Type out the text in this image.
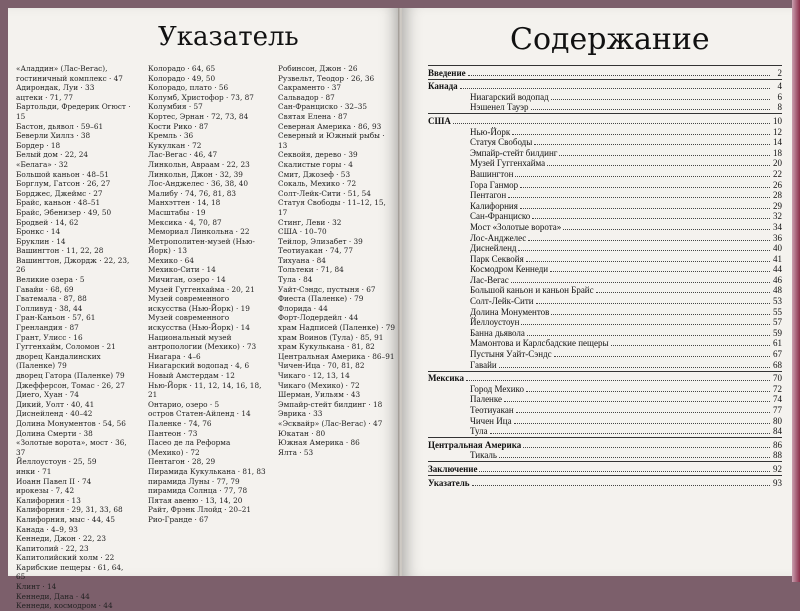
Указатель
«Аладдин» (Лас-Вегас), гостиничный комплекс · 47
Адирондак, Луи · 33
ацтеки · 71, 77
Бартольди, Фредерик Огюст · 15
Бастон, дьявол · 59–61
Беверли Хиллз · 38
Бордер · 18
Белый дом · 22, 24
«Белага» · 32
Большой каньон · 48–51
Борглум, Гатсон · 26, 27
Борджес, Джеймс · 27
Брайс, каньон · 48–51
Брайс, Эбенизер · 49, 50
Бродвей · 14, 62
Бронкс · 14
Бруклин · 14
Вашингтон · 11, 22, 28
Вашингтон, Джордж · 22, 23, 26
Великие озера · 5
Гавайи · 68, 69
Гватемала · 87, 88
Голливуд · 38, 44
Гран-Каньон · 57, 61
Гренландия · 87
Грант, Улисс · 16
Гуггенхайм, Соломон · 21
дворец Кандалинских (Паленке) 79
дворец Гатора (Паленке) 79
Джефферсон, Томас · 26, 27
Диего, Хуан · 74
Дикий, Уолт · 40, 41
Диснейленд · 40–42
Долина Монументов · 54, 56
Долина Смерти · 38
«Золотые ворота», мост · 36, 37
Йеллоустоун · 25, 59
инки · 71
Иоанн Павел II · 74
ирокезы · 7, 42
Калифорния · 13
Калифорния · 29, 31, 33, 68
Калифорния, мыс · 44, 45
Канада · 4–9, 93
Кеннеди, Джон · 22, 23
Капитолий · 22, 23
Капитолийский холм · 22
Карибские пещеры · 61, 64, 65
Клинт · 14
Кеннеди, Дана · 44
Кеннеди, космодром · 44
Колорадо · 64, 65
Колорадо · 49, 50
Колорадо, плато · 56
Колумб, Христофор · 73, 87
Колумбия · 57
Кортес, Эрнан · 72, 73, 84
Кости Рико · 87
Кремль · 36
Кукулкан · 72
Лас-Вегас · 46, 47
Линкольн, Авраам · 22, 23
Линкольн, Джон · 32, 39
Лос-Анджелес · 36, 38, 40
Малибу · 74, 76, 81, 83
Манхэттен · 14, 18
Масштабы · 19
Мексика · 4, 70, 87
Мемориал Линкольна · 22
Метрополитен-музей (Нью-Йорк) · 13
Мехико · 64
Мехико-Сити · 14
Мичиган, озеро · 14
Музей Гуггенхайма · 20, 21
Музей современного искусства (Нью-Йорк) · 19
Музей современного искусства (Нью-Йорк) · 14
Национальный музей антропологии (Мехико) · 73
Ниагара · 4–6
Ниагарский водопад · 4, 6
Новый Амстердам · 12
Нью-Йорк · 11, 12, 14, 16, 18, 21
Онтарио, озеро · 5
остров Статен-Айленд · 14
Паленке · 74, 76
Пантеон · 73
Пасео де ла Реформа (Мехико) · 72
Пентагон · 28, 29
Пирамида Кукулькана · 81, 83
пирамида Луны · 77, 79
пирамида Солнца · 77, 78
Пятая авеню · 13, 14, 20
Райт, Фрэнк Ллойд · 20–21
Рио-Гранде · 67
Робинсон, Джон · 26
Рузвельт, Теодор · 26, 36
Сакраменто · 37
Сальвадор · 87
Сан-Франциско · 32–35
Святая Елена · 87
Северная Америка · 86, 93
Северный и Южный рыбы · 13
Секвойя, дерево · 39
Скалистые горы · 4
Смит, Джозеф · 53
Сокаль, Мехико · 72
Солт-Лейк-Сити · 51, 54
Статуя Свободы · 11–12, 15, 17
Стинг, Леви · 32
США · 10–70
Тейлор, Элизабет · 39
Теотиуакан · 74, 77
Тихуана · 84
Тольтеки · 71, 84
Тула · 84
Уайт-Сэндс, пустыня · 67
Фиеста (Паленке) · 79
Флорида · 44
Форт-Лодердейл · 44
храм Надписей (Паленке) · 79
храм Воинов (Тула) · 85, 91
храм Кукулькана · 81, 82
Центральная Америка · 86–91
Чичен-Ица · 70, 81, 82
Чикаго · 12, 13, 14
Чикаго (Мехико) · 72
Шерман, Уильям · 43
Эмпайр-стейт билдинг · 18
Эврика · 33
«Эсквайр» (Лас-Вегас) · 47
Юкатан · 80
Южная Америка · 86
Ялта · 53
Содержание
Введение	2
Канада	4
Ниагарский водопад	6
Нэшенел Тауэр	8
США	10
Нью-Йорк	12
Статуя Свободы	14
Эмпайр-стейт билдинг	18
Музей Гуггенхайма	20
Вашингтон	22
Гора Ганмор	26
Пентагон	28
Калифорния	29
Сан-Франциско	32
Мост «Золотые ворота»	34
Лос-Анджелес	36
Диснейленд	40
Парк Секвойя	41
Космодром Кеннеди	44
Лас-Вегас	46
Большой каньон и каньон Брайс	48
Солт-Лейк-Сити	53
Долина Монументов	55
Йеллоустоун	57
Банна дьявола	59
Мамонтова и Карлсбадские пещеры	61
Пустыня Уайт-Сэндс	67
Гавайи	68
Мексика	70
Город Мехико	72
Паленке	74
Теотиуакан	77
Чичен Ица	80
Тула	84
Центральная Америка	86
Тикаль	88
Заключение	92
Указатель	93
